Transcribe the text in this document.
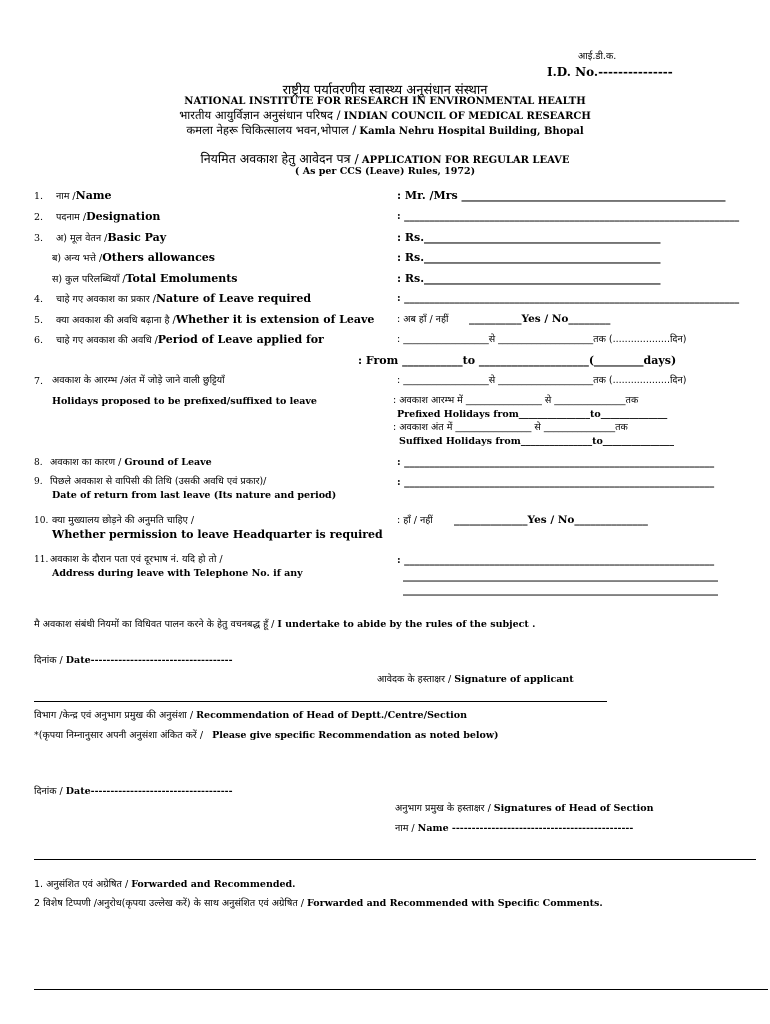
आई.डी.क.
I.D. No.---------------
राष्ट्रीय पर्यावरणीय स्वास्थ्य अनुसंधान संस्थान
NATIONAL INSTITUTE FOR RESEARCH IN ENVIRONMENTAL HEALTH
भारतीय आयुर्विज्ञान अनुसंधान परिषद / INDIAN COUNCIL OF MEDICAL RESEARCH
कमला नेहरू चिकित्सालय भवन,भोपाल / Kamla Nehru Hospital Building, Bhopal
नियमित अवकाश हेतु आवेदन पत्र / APPLICATION FOR REGULAR LEAVE
( As per CCS (Leave) Rules, 1972)
1. नाम /Name	: Mr. /Mrs ________________________________________________
2. पदनाम /Designation	: ___________________________________________________________________
3. अ) मूल वेतन /Basic Pay	: Rs.___________________________________________
ब) अन्य भत्ते /Others allowances	: Rs.___________________________________________
स) कुल परिलब्धियाँ /Total Emoluments	: Rs.___________________________________________
4. चाहे गए अवकाश का प्रकार /Nature of Leave required	: ___________________________________________________________________
5. क्या अवकाश की अवधि बढ़ाना है /Whether it is extension of Leave : अब हाँ / नहीं __________Yes / No________
6. चाहे गए अवकाश की अवधि /Period of Leave applied for	: __________________से ____________________तक (...................दिन)
: From ___________to ____________________(_________days)
7. अवकाश के आरम्भ /अंत में जोड़े जाने वाली छुट्टियाँ	: __________________से ____________________तक (...................दिन)
Holidays proposed to be prefixed/suffixed to leave	: अवकाश आरम्भ में ________________ से _______________तक
Prefixed Holidays from_______________to______________
: अवकाश अंत में ________________ से _______________तक
Suffixed Holidays from_______________to_______________
8. अवकाश का कारण / Ground of Leave	: ______________________________________________________________
9. पिछले अवकाश से वापिसी की तिथि (उसकी अवधि एवं प्रकार)/
Date of return from last leave (Its nature and period)
: ______________________________________________________________
10. क्या मुख्यालय छोड़ने की अनुमति चाहिए /
Whether permission to leave Headquarter is required
: हाँ / नहीं ______________Yes / No______________
11. अवकाश के दौरान पता एवं दूरभाष नं. यदि हो तो /
Address during leave with Telephone No. if any
: ______________________________________________________________
_______________________________________________________________
_______________________________________________________________
मै अवकाश संबंधी नियमों का विधिवत पालन करने के हेतु वचनबद्ध हूँ / I undertake to abide by the rules of the subject .
दिनांक / Date------------------------------------
आवेदक के हस्ताक्षर / Signature of applicant
विभाग /केन्द्र एवं अनुभाग प्रमुख की अनुसंशा / Recommendation of Head of Deptt./Centre/Section
*(कृपया निम्नानुसार अपनी अनुसंशा अंकित करें / Please give specific Recommendation as noted below)
दिनांक / Date------------------------------------
अनुभाग प्रमुख के हस्ताक्षर / Signatures of Head of Section
नाम / Name ----------------------------------------------
1. अनुसंशित एवं अग्रेषित / Forwarded and Recommended.
2 विशेष टिप्पणी /अनुरोध(कृपया उल्लेख करें) के साथ अनुसंशित एवं अग्रेषित / Forwarded and Recommended with Specific Comments.
